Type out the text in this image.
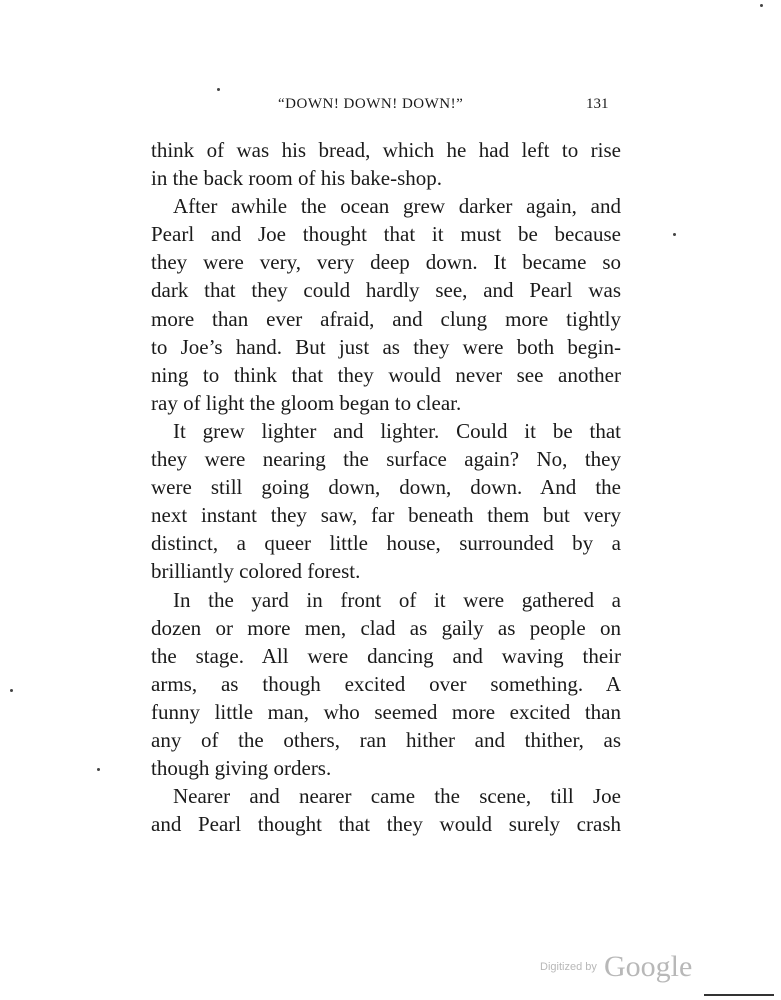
“DOWN! DOWN! DOWN!”	131
think of was his bread, which he had left to rise
in the back room of his bake-shop.
After awhile the ocean grew darker again, and
Pearl and Joe thought that it must be because
they were very, very deep down. It became so
dark that they could hardly see, and Pearl was
more than ever afraid, and clung more tightly
to Joe’s hand. But just as they were both begin-
ning to think that they would never see another
ray of light the gloom began to clear.
It grew lighter and lighter. Could it be that
they were nearing the surface again? No, they
were still going down, down, down. And the
next instant they saw, far beneath them but very
distinct, a queer little house, surrounded by a
brilliantly colored forest.
In the yard in front of it were gathered a
dozen or more men, clad as gaily as people on
the stage. All were dancing and waving their
arms, as though excited over something. A
funny little man, who seemed more excited than
any of the others, ran hither and thither, as
though giving orders.
Nearer and nearer came the scene, till Joe
and Pearl thought that they would surely crash
Digitized by Google
